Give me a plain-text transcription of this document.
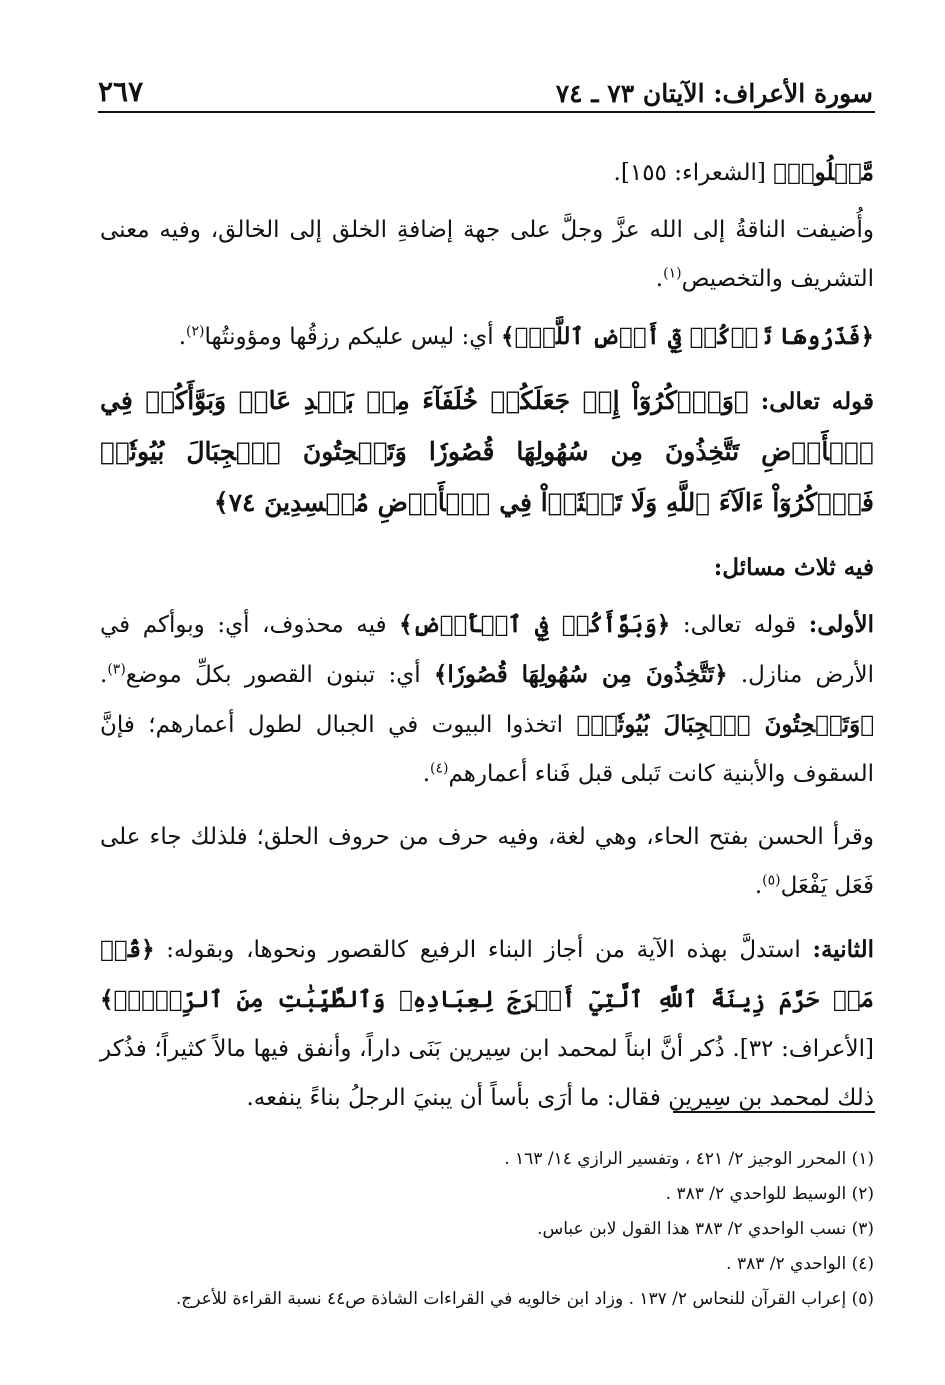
سورة الأعراف: الآيتان ٧٣ ـ ٧٤
٢٦٧

مَّعۡلُومٖ﴾ [الشعراء: ١٥٥].

وأُضيفت الناقةُ إلى الله عزَّ وجلَّ على جهة إضافةِ الخلق إلى الخالق، وفيه معنى التشريف والتخصيص$^{(١)}$.

﴿فَذَرُوهَا تَأۡكُلۡ فِيٓ أَرۡضِ ٱللَّهِۖ﴾ أي: ليس عليكم رزقُها ومؤونتُها$^{(٢)}$.

قوله تعالى: ﴿وَٱذۡكُرُوٓاْ إِذۡ جَعَلَكُمۡ خُلَفَآءَ مِنۢ بَعۡدِ عَادٖ وَبَوَّأَكُمۡ فِي ٱلۡأَرۡضِ تَتَّخِذُونَ مِن سُهُولِهَا قُصُورٗا وَتَنۡحِتُونَ ٱلۡجِبَالَ بُيُوتٗاۖ فَٱذۡكُرُوٓاْ ءَالَآءَ ٱللَّهِ وَلَا تَعۡثَوۡاْ فِي ٱلۡأَرۡضِ مُفۡسِدِينَ ٧٤﴾

فيه ثلاث مسائل:

الأولى: قوله تعالى: ﴿وَبَوَّأَكُمۡ فِي ٱلۡأَرۡضِ﴾ فيه محذوف، أي: وبوأكم في الأرض منازل. ﴿تَتَّخِذُونَ مِن سُهُولِهَا قُصُورٗا﴾ أي: تبنون القصور بكلِّ موضع$^{(٣)}$. ﴿وَتَنۡحِتُونَ ٱلۡجِبَالَ بُيُوتٗاۖ﴾ اتخذوا البيوت في الجبال لطول أعمارهم؛ فإنَّ السقوف والأبنية كانت تَبلى قبل فَناء أعمارهم$^{(٤)}$.

وقرأ الحسن بفتح الحاء، وهي لغة، وفيه حرف من حروف الحلق؛ فلذلك جاء على فَعَل يَفْعَل$^{(٥)}$.

الثانية: استدلَّ بهذه الآية من أجاز البناء الرفيع كالقصور ونحوها، وبقوله: ﴿قُلۡ مَنۡ حَرَّمَ زِينَةَ ٱللَّهِ ٱلَّتِيٓ أَخۡرَجَ لِعِبَادِهِۦ وَٱلطَّيِّبَٰتِ مِنَ ٱلرِّزۡقِۚ﴾ [الأعراف: ٣٢]. ذُكر أنَّ ابناً لمحمد ابن سِيرين بَنَى داراً، وأنفق فيها مالاً كثيراً؛ فذُكر ذلك لمحمد بن سِيرين فقال: ما أرَى بأساً أن يبنيَ الرجلُ بناءً ينفعه.

(١) المحرر الوجيز ٢/ ٤٢١ ، وتفسير الرازي ١٤/ ١٦٣ .
(٢) الوسيط للواحدي ٢/ ٣٨٣ .
(٣) نسب الواحدي ٢/ ٣٨٣ هذا القول لابن عباس.
(٤) الواحدي ٢/ ٣٨٣ .
(٥) إعراب القرآن للنحاس ٢/ ١٣٧ . وزاد ابن خالويه في القراءات الشاذة ص٤٤ نسبة القراءة للأعرج.
